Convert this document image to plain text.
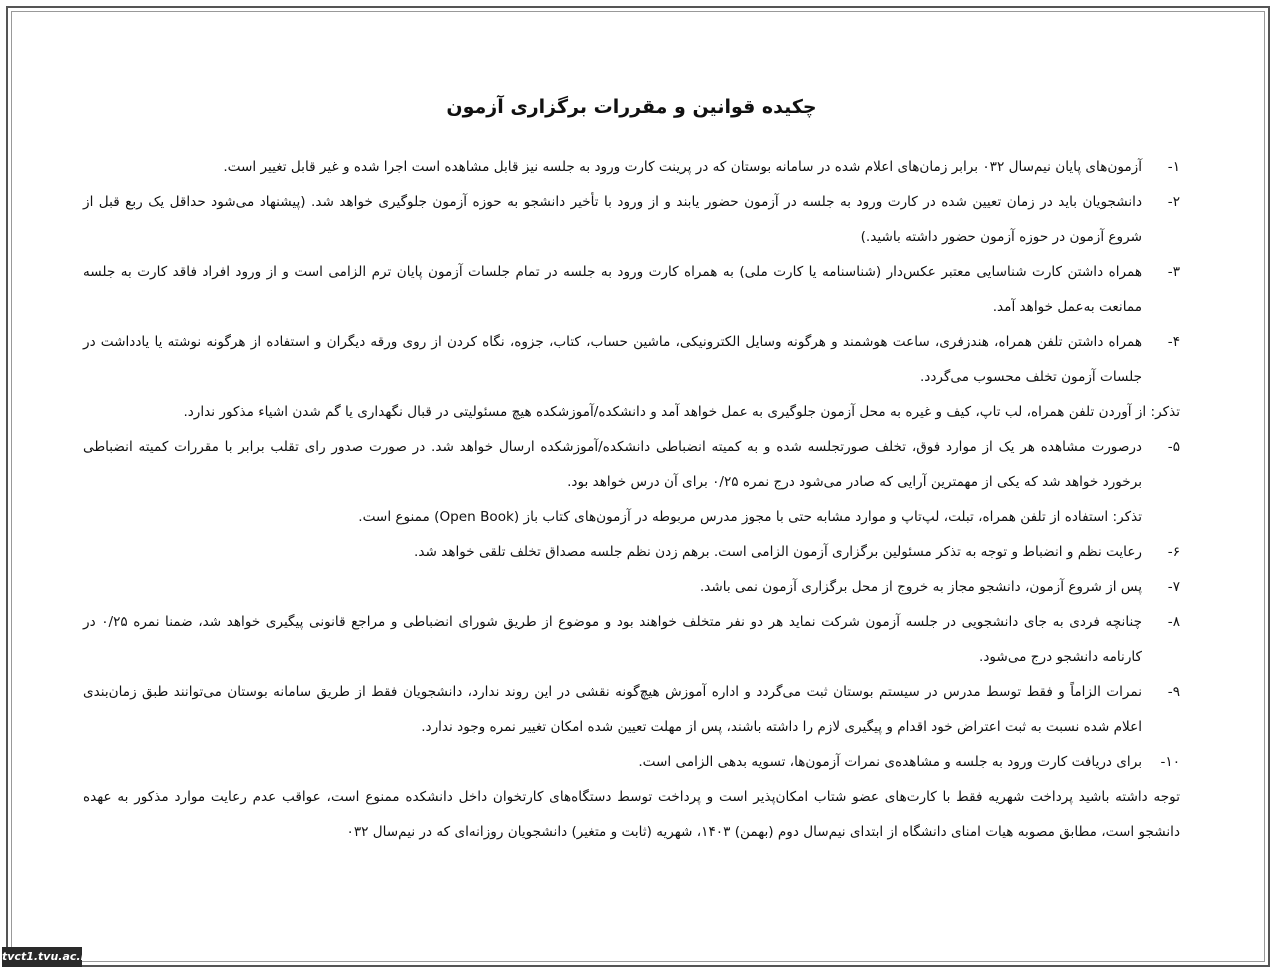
چکیده قوانین و مقررات برگزاری آزمون
۱-

آزمون‌های پایان نیم‌سال ۰۳۲ برابر زمان‌های اعلام شده در سامانه بوستان که در پرینت کارت ورود به جلسه نیز قابل مشاهده است اجرا شده و غیر قابل تغییر است.

۲-

دانشجویان باید در زمان تعیین شده در کارت ورود به جلسه در آزمون حضور یابند و از ورود با تأخیر دانشجو به حوزه آزمون جلوگیری خواهد شد. (پیشنهاد می‌شود حداقل یک ربع قبل از شروع آزمون در حوزه آزمون حضور داشته باشید.)

۳-

همراه داشتن کارت شناسایی معتبر عکس‌دار (شناسنامه یا کارت ملی) به همراه کارت ورود به جلسه در تمام جلسات آزمون پایان ترم الزامی است و از ورود افراد فاقد کارت به جلسه ممانعت به‌عمل خواهد آمد.

۴-

همراه داشتن تلفن همراه، هندزفری، ساعت هوشمند و هرگونه وسایل الکترونیکی، ماشین حساب، کتاب، جزوه، نگاه کردن از روی ورقه دیگران و استفاده از هرگونه نوشته یا یادداشت در جلسات آزمون تخلف محسوب می‌گردد.

تذکر: از آوردن تلفن همراه، لب تاپ، کیف و غیره به محل آزمون جلوگیری به عمل خواهد آمد و دانشکده/آموزشکده هیچ مسئولیتی در قبال نگهداری یا گم شدن اشیاء مذکور ندارد.

۵-

درصورت مشاهده هر یک از موارد فوق، تخلف صورتجلسه شده و به کمیته انضباطی دانشکده/آموزشکده ارسال خواهد شد. در صورت صدور رای تقلب برابر با مقررات کمیته انضباطی برخورد خواهد شد که یکی از مهمترین آرایی که صادر می‌شود درج نمره ۰/۲۵ برای آن درس خواهد بود.

تذکر: استفاده از تلفن همراه، تبلت، لپ‌تاپ و موارد مشابه حتی با مجوز مدرس مربوطه در آزمون‌های کتاب باز (Open Book) ممنوع است.

۶-

رعایت نظم و انضباط و توجه به تذکر مسئولین برگزاری آزمون الزامی است. برهم زدن نظم جلسه مصداق تخلف تلقی خواهد شد.

۷-

پس از شروع آزمون، دانشجو مجاز به خروج از محل برگزاری آزمون نمی باشد.

۸-

چنانچه فردی به جای دانشجویی در جلسه آزمون شرکت نماید هر دو نفر متخلف خواهند بود و موضوع از طریق شورای انضباطی و مراجع قانونی پیگیری خواهد شد، ضمنا نمره ۰/۲۵ در کارنامه دانشجو درج می‌شود.

۹-

نمرات الزاماً و فقط توسط مدرس در سیستم بوستان ثبت می‌گردد و اداره آموزش هیچ‌گونه نقشی در این روند ندارد، دانشجویان فقط از طریق سامانه بوستان می‌توانند طبق زمان‌بندی اعلام شده نسبت به ثبت اعتراض خود اقدام و پیگیری لازم را داشته باشند، پس از مهلت تعیین شده امکان تغییر نمره وجود ندارد.

۱۰-

برای دریافت کارت ورود به جلسه و مشاهده‌ی نمرات آزمون‌ها، تسویه بدهی الزامی است.

توجه داشته باشید پرداخت شهریه فقط با کارت‌های عضو شتاب امکان‌پذیر است و پرداخت توسط دستگاه‌های کارتخوان داخل دانشکده ممنوع است، عواقب عدم رعایت موارد مذکور به عهده دانشجو است، مطابق مصوبه هیات امنای دانشگاه از ابتدای نیم‌سال دوم (بهمن) ۱۴۰۳، شهریه (ثابت و متغیر) دانشجویان روزانه‌ای که در نیم‌سال ۰۳۲

tvct1.tvu.ac.ir
